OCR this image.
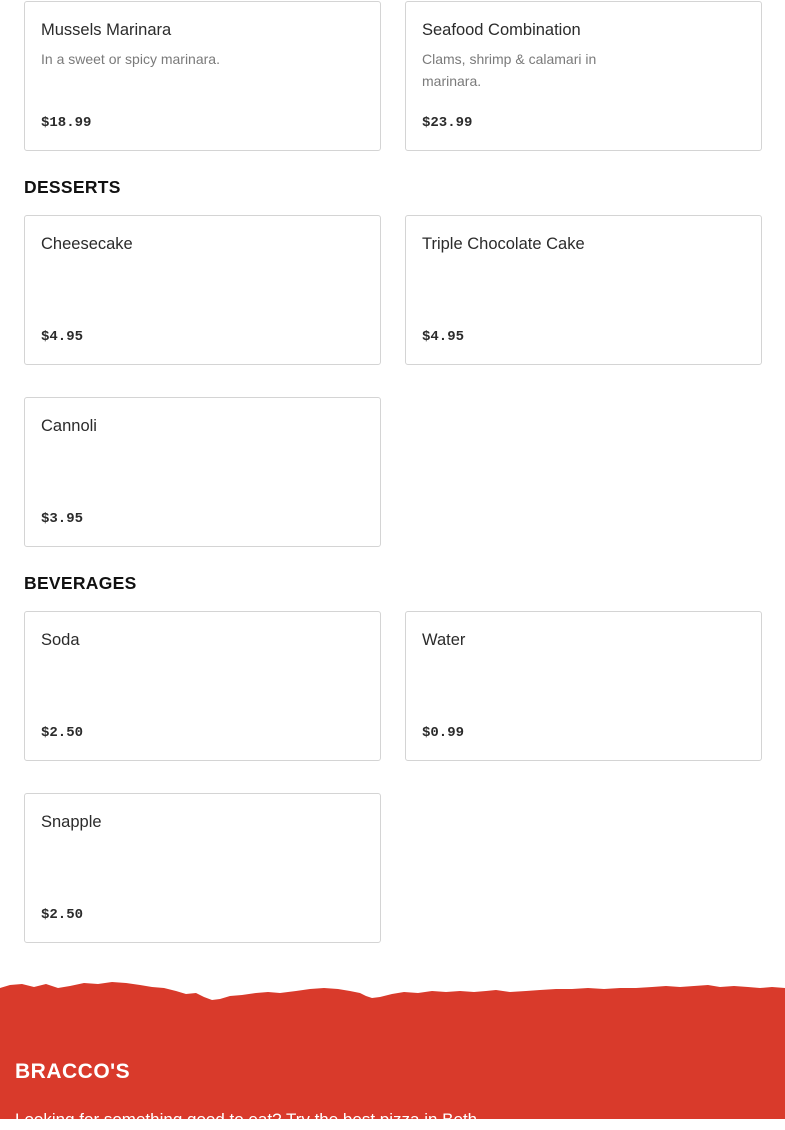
Mussels Marinara
In a sweet or spicy marinara.
$18.99
Seafood Combination
Clams, shrimp & calamari in marinara.
$23.99
DESSERTS
Cheesecake
$4.95
Triple Chocolate Cake
$4.95
Cannoli
$3.95
BEVERAGES
Soda
$2.50
Water
$0.99
Snapple
$2.50
BRACCO'S
Looking for something good to eat? Try the best pizza in Beth
